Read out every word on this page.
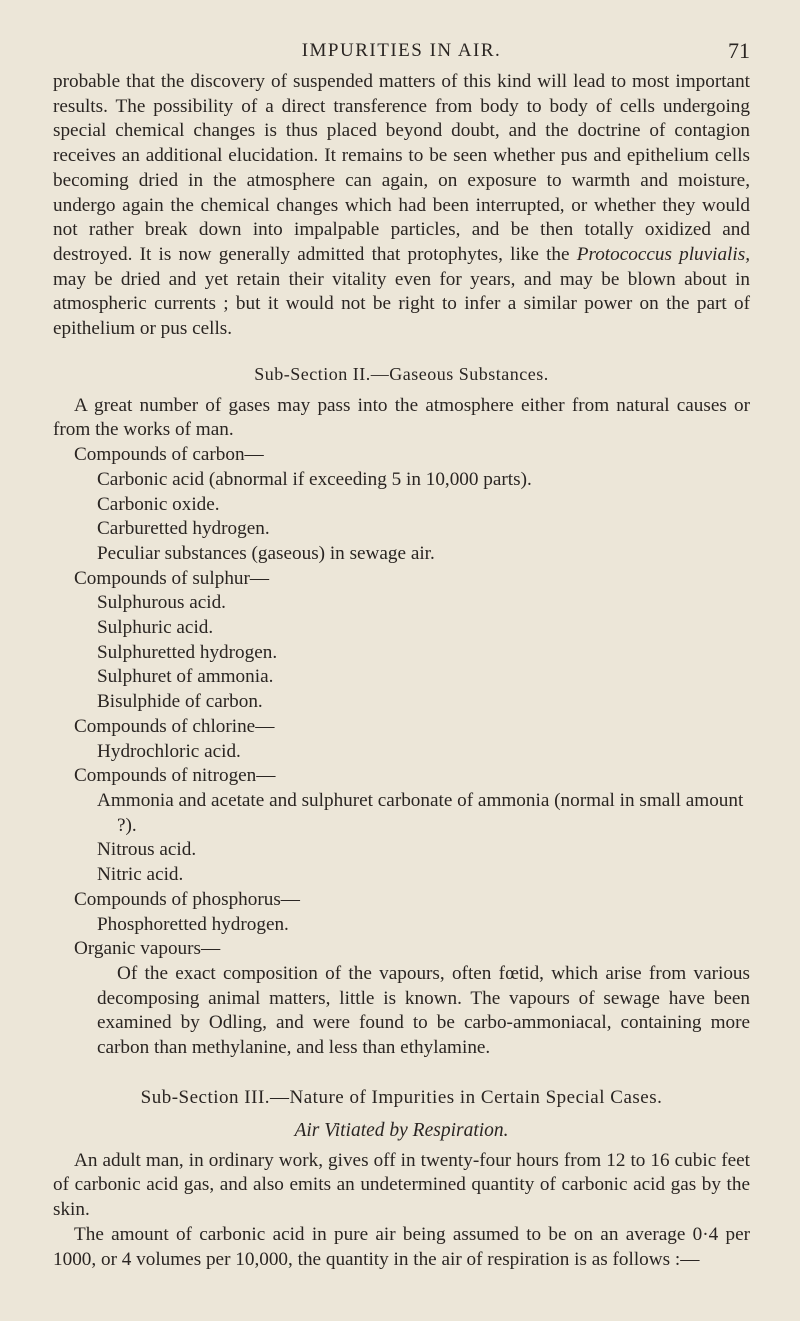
IMPURITIES IN AIR.	71

probable that the discovery of suspended matters of this kind will lead to most important results. The possibility of a direct transference from body to body of cells undergoing special chemical changes is thus placed beyond doubt, and the doctrine of contagion receives an additional elucidation. It remains to be seen whether pus and epithelium cells becoming dried in the atmosphere can again, on exposure to warmth and moisture, undergo again the chemical changes which had been interrupted, or whether they would not rather break down into impalpable particles, and be then totally oxidized and destroyed. It is now generally admitted that protophytes, like the Protococcus pluvialis, may be dried and yet retain their vitality even for years, and may be blown about in atmospheric currents ; but it would not be right to infer a similar power on the part of epithelium or pus cells.

Sub-Section II.—Gaseous Substances.

A great number of gases may pass into the atmosphere either from natural causes or from the works of man.

Compounds of carbon—
Carbonic acid (abnormal if exceeding 5 in 10,000 parts).
Carbonic oxide.
Carburetted hydrogen.
Peculiar substances (gaseous) in sewage air.
Compounds of sulphur—
Sulphurous acid.
Sulphuric acid.
Sulphuretted hydrogen.
Sulphuret of ammonia.
Bisulphide of carbon.
Compounds of chlorine—
Hydrochloric acid.
Compounds of nitrogen—
Ammonia and acetate and sulphuret carbonate of ammonia (normal in small amount ?).
Nitrous acid.
Nitric acid.
Compounds of phosphorus—
Phosphoretted hydrogen.
Organic vapours—

Of the exact composition of the vapours, often fœtid, which arise from various decomposing animal matters, little is known. The vapours of sewage have been examined by Odling, and were found to be carbo-ammoniacal, containing more carbon than methylanine, and less than ethylamine.

Sub-Section III.—Nature of Impurities in Certain Special Cases.
Air Vitiated by Respiration.

An adult man, in ordinary work, gives off in twenty-four hours from 12 to 16 cubic feet of carbonic acid gas, and also emits an undetermined quantity of carbonic acid gas by the skin.

The amount of carbonic acid in pure air being assumed to be on an average 0·4 per 1000, or 4 volumes per 10,000, the quantity in the air of respiration is as follows :—
